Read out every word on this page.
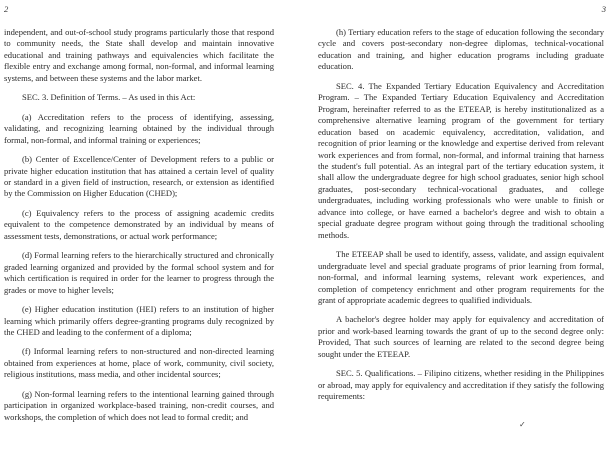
2	3

independent, and out-of-school study programs particularly those that respond to community needs, the State shall develop and maintain innovative educational and training pathways and equivalencies which facilitate the flexible entry and exchange among formal, non-formal, and informal learning systems, and between these systems and the labor market.

SEC. 3. Definition of Terms. – As used in this Act:

(a) Accreditation refers to the process of identifying, assessing, validating, and recognizing learning obtained by the individual through formal, non-formal, and informal training or experiences;

(b) Center of Excellence/Center of Development refers to a public or private higher education institution that has attained a certain level of quality or standard in a given field of instruction, research, or extension as identified by the Commission on Higher Education (CHED);

(c) Equivalency refers to the process of assigning academic credits equivalent to the competence demonstrated by an individual by means of assessment tests, demonstrations, or actual work performance;

(d) Formal learning refers to the hierarchically structured and chronically graded learning organized and provided by the formal school system and for which certification is required in order for the learner to progress through the grades or move to higher levels;

(e) Higher education institution (HEI) refers to an institution of higher learning which primarily offers degree-granting programs duly recognized by the CHED and leading to the conferment of a diploma;

(f) Informal learning refers to non-structured and non-directed learning obtained from experiences at home, place of work, community, civil society, religious institutions, mass media, and other incidental sources;

(g) Non-formal learning refers to the intentional learning gained through participation in organized workplace-based training, non-credit courses, and workshops, the completion of which does not lead to formal credit; and

(h) Tertiary education refers to the stage of education following the secondary cycle and covers post-secondary non-degree diplomas, technical-vocational education and training, and higher education programs including graduate education.

SEC. 4. The Expanded Tertiary Education Equivalency and Accreditation Program. – The Expanded Tertiary Education Equivalency and Accreditation Program, hereinafter referred to as the ETEEAP, is hereby institutionalized as a comprehensive alternative learning program of the government for tertiary education based on academic equivalency, accreditation, validation, and recognition of prior learning or the knowledge and expertise derived from relevant work experiences and from formal, non-formal, and informal training that harness the student's full potential. As an integral part of the tertiary education system, it shall allow the undergraduate degree for high school graduates, senior high school graduates, post-secondary technical-vocational graduates, and college undergraduates, including working professionals who were unable to finish or advance into college, or have earned a bachelor's degree and wish to obtain a special graduate degree program without going through the traditional schooling methods.

The ETEEAP shall be used to identify, assess, validate, and assign equivalent undergraduate level and special graduate programs of prior learning from formal, non-formal, and informal learning systems, relevant work experiences, and completion of competency enrichment and other program requirements for the grant of appropriate academic degrees to qualified individuals.

A bachelor's degree holder may apply for equivalency and accreditation of prior and work-based learning towards the grant of up to the second degree only: Provided, That such sources of learning are related to the second degree being sought under the ETEEAP.

SEC. 5. Qualifications. – Filipino citizens, whether residing in the Philippines or abroad, may apply for equivalency and accreditation if they satisfy the following requirements:

✓
